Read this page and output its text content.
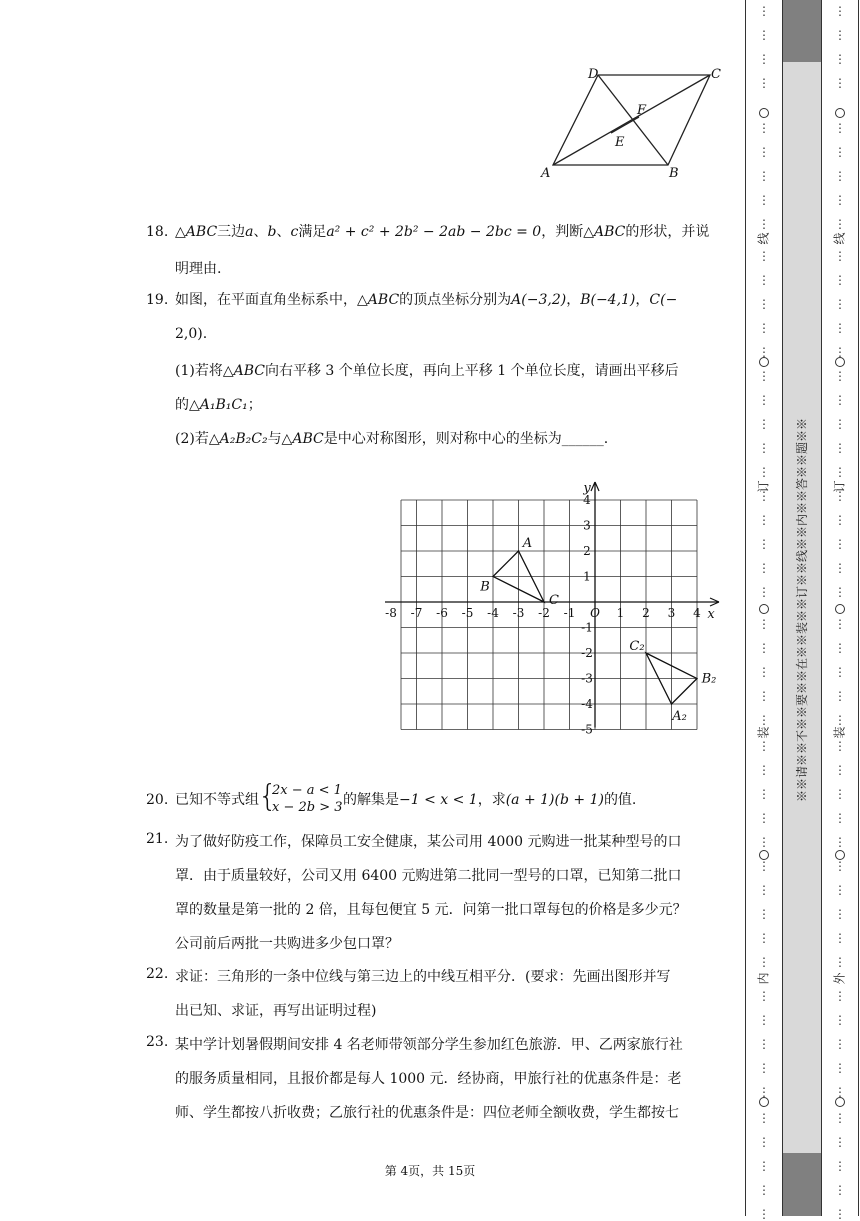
D	C
F
E
A	B
18. △ABC三边a、b、c满足a² + c² + 2b² − 2ab − 2bc = 0，判断△ABC的形状，并说
明理由.
19. 如图，在平面直角坐标系中，△ABC的顶点坐标分别为A(−3,2)，B(−4,1)，C(−
2,0).
(1)若将△ABC向右平移 3 个单位长度，再向上平移 1 个单位长度，请画出平移后
的△A₁B₁C₁；
(2)若△A₂B₂C₂与△ABC是中心对称图形，则对称中心的坐标为______.
-8 -7 -6 -5 -4 -3 -2 -1 O 1 2 3 4
4
3
2
1
-1
-2
-3
-4
-5
x
y
A
B
C
C₂
B₂
A₂
20. 已知不等式组 {
2x − a < 1
x − 2b > 3 的解集是−1 < x < 1，求(a + 1)(b + 1)的值.
21. 为了做好防疫工作，保障员工安全健康，某公司用 4000 元购进一批某种型号的口
罩．由于质量较好，公司又用 6400 元购进第二批同一型号的口罩，已知第二批口
罩的数量是第一批的 2 倍，且每包便宜 5 元．问第一批口罩每包的价格是多少元？
公司前后两批一共购进多少包口罩？
22. 求证：三角形的一条中位线与第三边上的中线互相平分．(要求：先画出图形并写
出已知、求证，再写出证明过程)
23. 某中学计划暑假期间安排 4 名老师带领部分学生参加红色旅游．甲、乙两家旅行社
的服务质量相同，且报价都是每人 1000 元．经协商，甲旅行社的优惠条件是：老
师、学生都按八折收费；乙旅行社的优惠条件是：四位老师全额收费，学生都按七
第 4页，共 15页
⋮
⋮
⋮
⋮
⋮
⋮
⋮
⋮
⋮
⋮
⋮
⋮
⋮
⋮
⋮
⋮
⋮
⋮
⋮
⋮
⋮
⋮
⋮
⋮
⋮
⋮
⋮
⋮
⋮
⋮
⋮
⋮
⋮
⋮
⋮
⋮
⋮
⋮
⋮
⋮
⋮
⋮
⋮
⋮
⋮
⋮
⋮
⋮
⋮
线
订
装
内
⋮
⋮
⋮
⋮
⋮
⋮
⋮
⋮
⋮
⋮
⋮
⋮
⋮
⋮
⋮
⋮
⋮
⋮
⋮
⋮
⋮
⋮
⋮
⋮
⋮
⋮
⋮
⋮
⋮
⋮
⋮
⋮
⋮
⋮
⋮
⋮
⋮
⋮
⋮
⋮
⋮
⋮
⋮
⋮
⋮
⋮
⋮
⋮
⋮
线
订
装
外
※※请※※不※※要※※在※※装※※订※※线※※内※※答※※题※※
